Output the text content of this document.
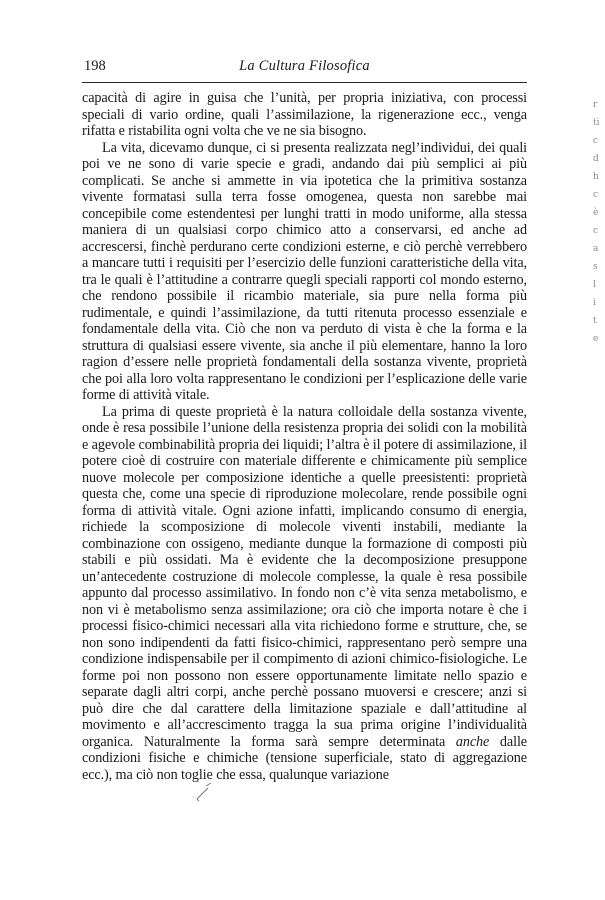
198	La Cultura Filosofica

capacità di agire in guisa che l’unità, per propria iniziativa, con processi speciali di vario ordine, quali l’assimilazione, la rigenerazione ecc., venga rifatta e ristabilita ogni volta che ve ne sia bisogno.

La vita, dicevamo dunque, ci si presenta realizzata negl’individui, dei quali poi ve ne sono di varie specie e gradi, andando dai più semplici ai più complicati. Se anche si ammette in via ipotetica che la primitiva sostanza vivente formatasi sulla terra fosse omogenea, questa non sarebbe mai concepibile come estendentesi per lunghi tratti in modo uniforme, alla stessa maniera di un qualsiasi corpo chimico atto a conservarsi, ed anche ad accrescersi, finchè perdurano certe condizioni esterne, e ciò perchè verrebbero a mancare tutti i requisiti per l’esercizio delle funzioni caratteristiche della vita, tra le quali è l’attitudine a contrarre quegli speciali rapporti col mondo esterno, che rendono possibile il ricambio materiale, sia pure nella forma più rudimentale, e quindi l’assimilazione, da tutti ritenuta processo essenziale e fondamentale della vita. Ciò che non va perduto di vista è che la forma e la struttura di qualsiasi essere vivente, sia anche il più elementare, hanno la loro ragion d’essere nelle proprietà fondamentali della sostanza vivente, proprietà che poi alla loro volta rappresentano le condizioni per l’esplicazione delle varie forme di attività vitale.

La prima di queste proprietà è la natura colloidale della sostanza vivente, onde è resa possibile l’unione della resistenza propria dei solidi con la mobilità e agevole combinabilità propria dei liquidi; l’altra è il potere di assimilazione, il potere cioè di costruire con materiale differente e chimicamente più semplice nuove molecole per composizione identiche a quelle preesistenti: proprietà questa che, come una specie di riproduzione molecolare, rende possibile ogni forma di attività vitale. Ogni azione infatti, implicando consumo di energia, richiede la scomposizione di molecole viventi instabili, mediante la combinazione con ossigeno, mediante dunque la formazione di composti più stabili e più ossidati. Ma è evidente che la decomposizione presuppone un’antecedente costruzione di molecole complesse, la quale è resa possibile appunto dal processo assimilativo. In fondo non c’è vita senza metabolismo, e non vi è metabolismo senza assimilazione; ora ciò che importa notare è che i processi fisico-chimici necessari alla vita richiedono forme e strutture, che, se non sono indipendenti da fatti fisico-chimici, rappresentano però sempre una condizione indispensabile per il compimento di azioni chimico-fisiologiche. Le forme poi non possono non essere opportunamente limitate nello spazio e separate dagli altri corpi, anche perchè possano muoversi e crescere; anzi si può dire che dal carattere della limitazione spaziale e dall’attitudine al movimento e all’accrescimento tragga la sua prima origine l’individualità organica. Naturalmente la forma sarà sempre determinata anche dalle condizioni fisiche e chimiche (tensione superficiale, stato di aggregazione ecc.), ma ciò non toglie che essa, qualunque variazione

r
ti
c
d
h
c
è
c
a
s
l
i
t
e
